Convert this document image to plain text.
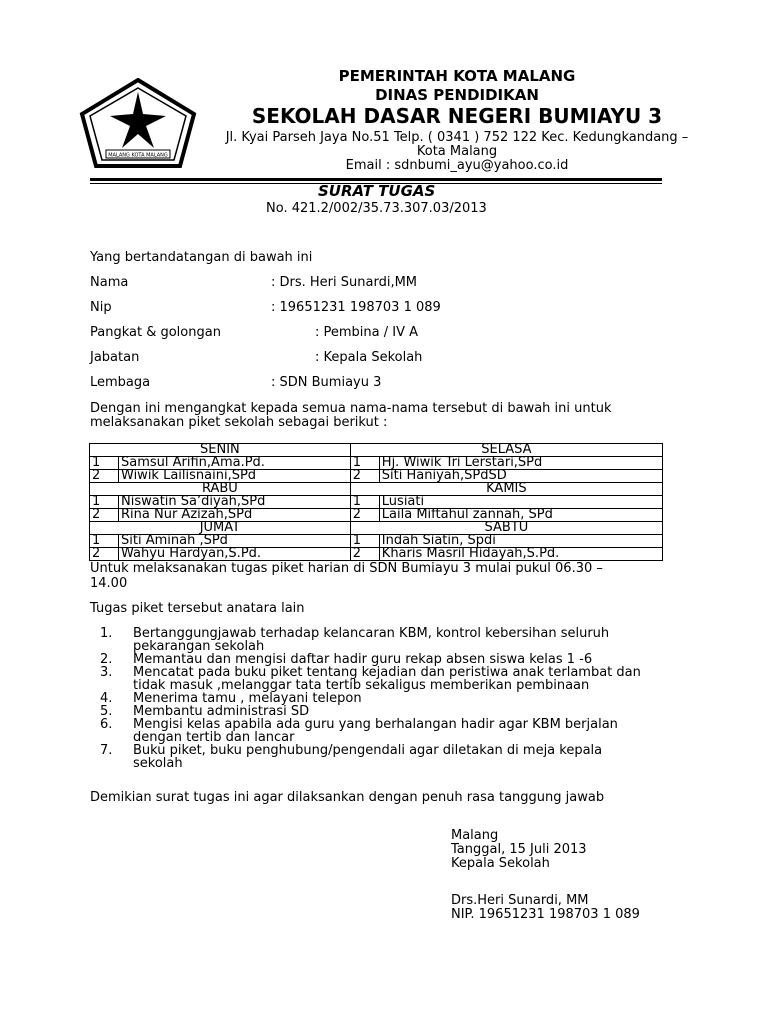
MALANG KOTA MALANG
PEMERINTAH KOTA MALANG
DINAS PENDIDIKAN
SEKOLAH DASAR NEGERI BUMIAYU 3
Jl. Kyai Parseh Jaya No.51 Telp. ( 0341 ) 752 122 Kec. Kedungkandang –
Kota Malang
Email : sdnbumi_ayu@yahoo.co.id
SURAT TUGAS
No. 421.2/002/35.73.307.03/2013
Yang bertandatangan di bawah ini
Nama	: Drs. Heri Sunardi,MM
Nip	: 19651231 198703 1 089
Pangkat & golongan	: Pembina / IV A
Jabatan	: Kepala Sekolah
Lembaga	: SDN Bumiayu 3
Dengan ini mengangkat kepada semua nama-nama tersebut di bawah ini untuk
melaksanakan piket sekolah sebagai berikut :
SENIN		SELASA	
1	Samsul Arifin,Ama.Pd.	1	Hj. Wiwik Tri Lerstari,SPd
2	Wiwik Lailisnaini,SPd	2	Siti Haniyah,SPdSD
RABU		KAMIS	
1	Niswatin Sa’diyah,SPd	1	Lusiati
2	Rina Nur Azizah,SPd	2	Laila Miftahul zannah, SPd
JUMAT		SABTU	
1	Siti Aminah ,SPd	1	Indah Siatin, Spdi
2	Wahyu Hardyan,S.Pd.	2	Kharis Masril Hidayah,S.Pd.
Untuk melaksanakan tugas piket harian di SDN Bumiayu 3 mulai pukul 06.30 –
14.00
Tugas piket tersebut anatara lain
1. Bertanggungjawab terhadap kelancaran KBM, kontrol kebersihan seluruh
pekarangan sekolah
2. Memantau dan mengisi daftar hadir guru rekap absen siswa kelas 1 -6
3. Mencatat pada buku piket tentang kejadian dan peristiwa anak terlambat dan
tidak masuk ,melanggar tata tertib sekaligus memberikan pembinaan
4. Menerima tamu , melayani telepon
5. Membantu administrasi SD
6. Mengisi kelas apabila ada guru yang berhalangan hadir agar KBM berjalan
dengan tertib dan lancar
7. Buku piket, buku penghubung/pengendali agar diletakan di meja kepala
sekolah
Demikian surat tugas ini agar dilaksankan dengan penuh rasa tanggung jawab
Malang
Tanggal, 15 Juli 2013
Kepala Sekolah
Drs.Heri Sunardi, MM
NIP. 19651231 198703 1 089
